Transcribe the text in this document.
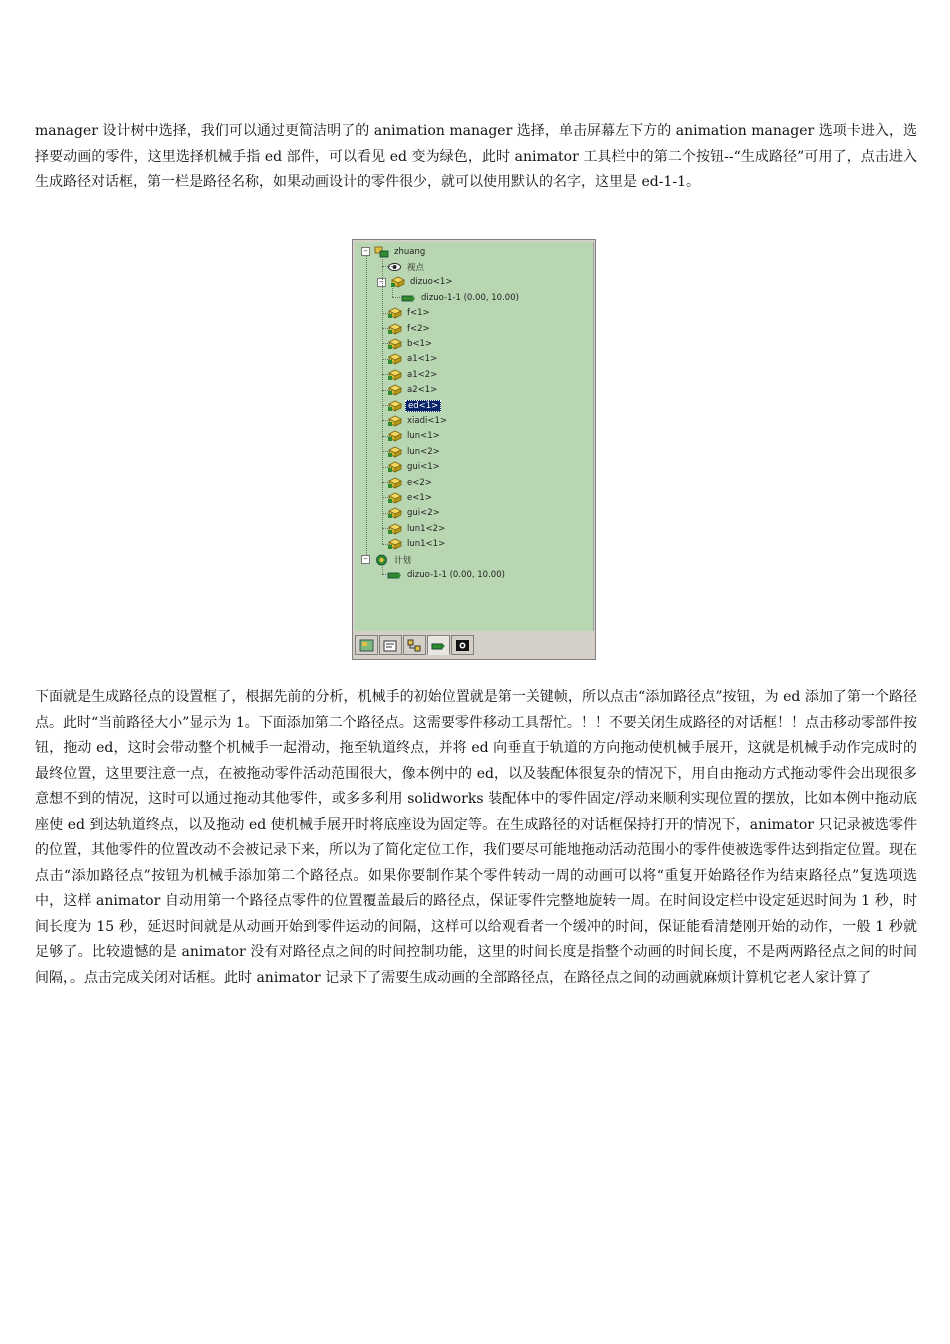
manager 设计树中选择，我们可以通过更简洁明了的 animation manager 选择，单击屏幕左下方的 animation manager 选项卡进入，选择要动画的零件，这里选择机械手指 ed 部件，可以看见 ed 变为绿色，此时 animator 工具栏中的第二个按钮--“生成路径”可用了，点击进入生成路径对话框，第一栏是路径名称，如果动画设计的零件很少，就可以使用默认的名字，这里是 ed-1-1。

−	zhuang
视点
−	dizuo<1>
dizuo-1-1 (0.00, 10.00)
f<1>
f<2>
b<1>
a1<1>
a1<2>
a2<1>
ed<1>
xiadi<1>
lun<1>
lun<2>
gui<1>
e<2>
e<1>
gui<2>
lun1<2>
lun1<1>
−	计划
dizuo-1-1 (0.00, 10.00)

下面就是生成路径点的设置框了，根据先前的分析，机械手的初始位置就是第一关键帧，所以点击“添加路径点”按钮，为 ed 添加了第一个路径点。此时“当前路径大小”显示为 1。下面添加第二个路径点。这需要零件移动工具帮忙。！！不要关闭生成路径的对话框！！点击移动零部件按钮，拖动 ed，这时会带动整个机械手一起滑动，拖至轨道终点，并将 ed 向垂直于轨道的方向拖动使机械手展开，这就是机械手动作完成时的最终位置，这里要注意一点，在被拖动零件活动范围很大，像本例中的 ed，以及装配体很复杂的情况下，用自由拖动方式拖动零件会出现很多意想不到的情况，这时可以通过拖动其他零件，或多多利用 solidworks 装配体中的零件固定/浮动来顺利实现位置的摆放，比如本例中拖动底座使 ed 到达轨道终点，以及拖动 ed 使机械手展开时将底座设为固定等。在生成路径的对话框保持打开的情况下，animator 只记录被选零件的位置，其他零件的位置改动不会被记录下来，所以为了简化定位工作，我们要尽可能地拖动活动范围小的零件使被选零件达到指定位置。现在点击“添加路径点”按钮为机械手添加第二个路径点。如果你要制作某个零件转动一周的动画可以将“重复开始路径作为结束路径点”复选项选中，这样 animator 自动用第一个路径点零件的位置覆盖最后的路径点，保证零件完整地旋转一周。在时间设定栏中设定延迟时间为 1 秒，时间长度为 15 秒，延迟时间就是从动画开始到零件运动的间隔，这样可以给观看者一个缓冲的时间，保证能看清楚刚开始的动作，一般 1 秒就足够了。比较遗憾的是 animator 没有对路径点之间的时间控制功能，这里的时间长度是指整个动画的时间长度，不是两两路径点之间的时间间隔，。点击完成关闭对话框。此时 animator 记录下了需要生成动画的全部路径点，在路径点之间的动画就麻烦计算机它老人家计算了
